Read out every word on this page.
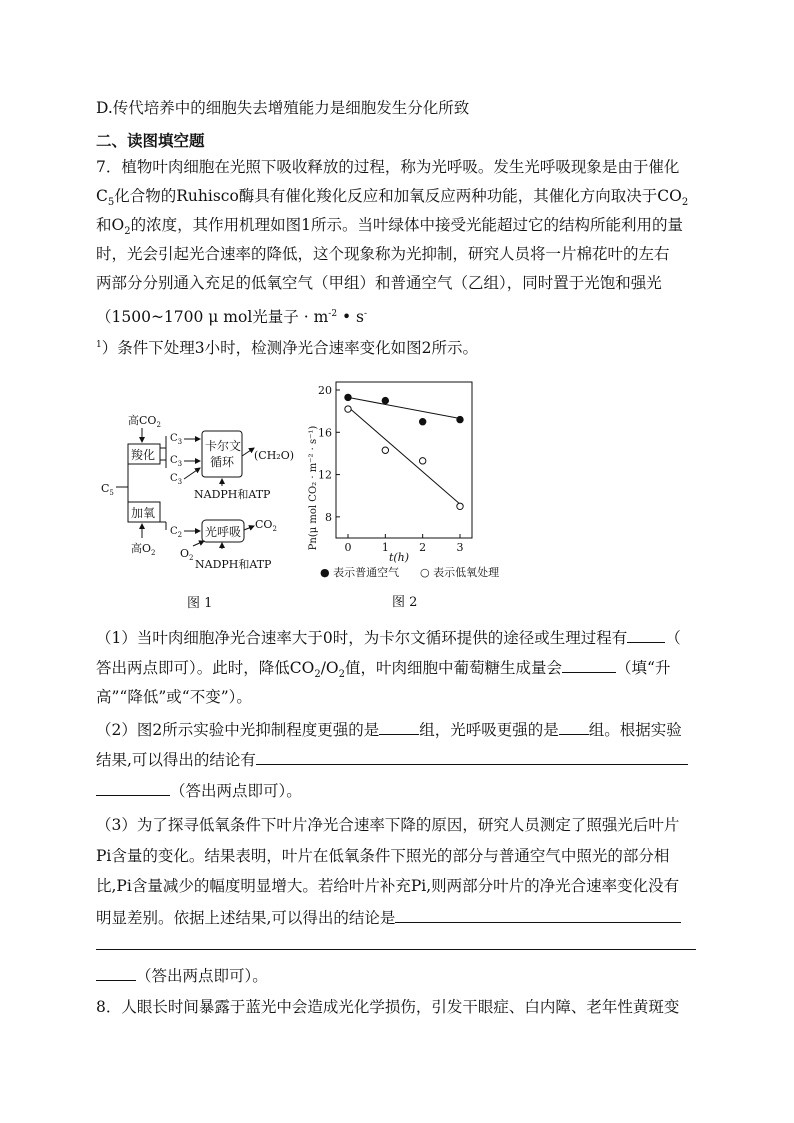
D.传代培养中的细胞失去增殖能力是细胞发生分化所致
二、读图填空题
7．植物叶肉细胞在光照下吸收释放的过程，称为光呼吸。发生光呼吸现象是由于催化
$C_5$化合物的Ruhisco酶具有催化羧化反应和加氧反应两种功能，其催化方向取决于$CO_2$
和$O_2$的浓度，其作用机理如图1所示。当叶绿体中接受光能超过它的结构所能利用的量
时，光会引起光合速率的降低，这个现象称为光抑制，研究人员将一片棉花叶的左右
两部分分别通入充足的低氧空气（甲组）和普通空气（乙组），同时置于光饱和强光
（1500~1700 μ mol光量子 · $m^{-2}$ • s-
$^1$）条件下处理3小时，检测净光合速率变化如图2所示。
高$CO_2$
羧化
$C_5$
加氧
高$O_2$
$C_3$
$C_3$
$C_3$
卡尔文
循环 (CH₂O)
NADPH和ATP
$C_2$ 光呼吸
$CO_2$
$O_2$ NADPH和ATP
图 1
8
12
16
20
0	1	2	3
Pn(μ mol CO₂ · m⁻² · s⁻¹)
t(h)
● 表示普通空气 ○ 表示低氧处理
图 2
（1）当叶肉细胞净光合速率大于0时，为卡尔文循环提供的途径或生理过程有 （
答出两点即可）。此时，降低$CO_2/O_2$值，叶肉细胞中葡萄糖生成量会	（填“升
高”“降低”或“不变”）。
（2）图2所示实验中光抑制程度更强的是	组，光呼吸更强的是 组。根据实验
结果,可以得出的结论有
（答出两点即可）。
（3）为了探寻低氧条件下叶片净光合速率下降的原因，研究人员测定了照强光后叶片
Pi含量的变化。结果表明，叶片在低氧条件下照光的部分与普通空气中照光的部分相
比,Pi含量减少的幅度明显增大。若给叶片补充Pi,则两部分叶片的净光合速率变化没有
明显差别。依据上述结果,可以得出的结论是
（答出两点即可）。
8．人眼长时间暴露于蓝光中会造成光化学损伤，引发干眼症、白内障、老年性黄斑变
